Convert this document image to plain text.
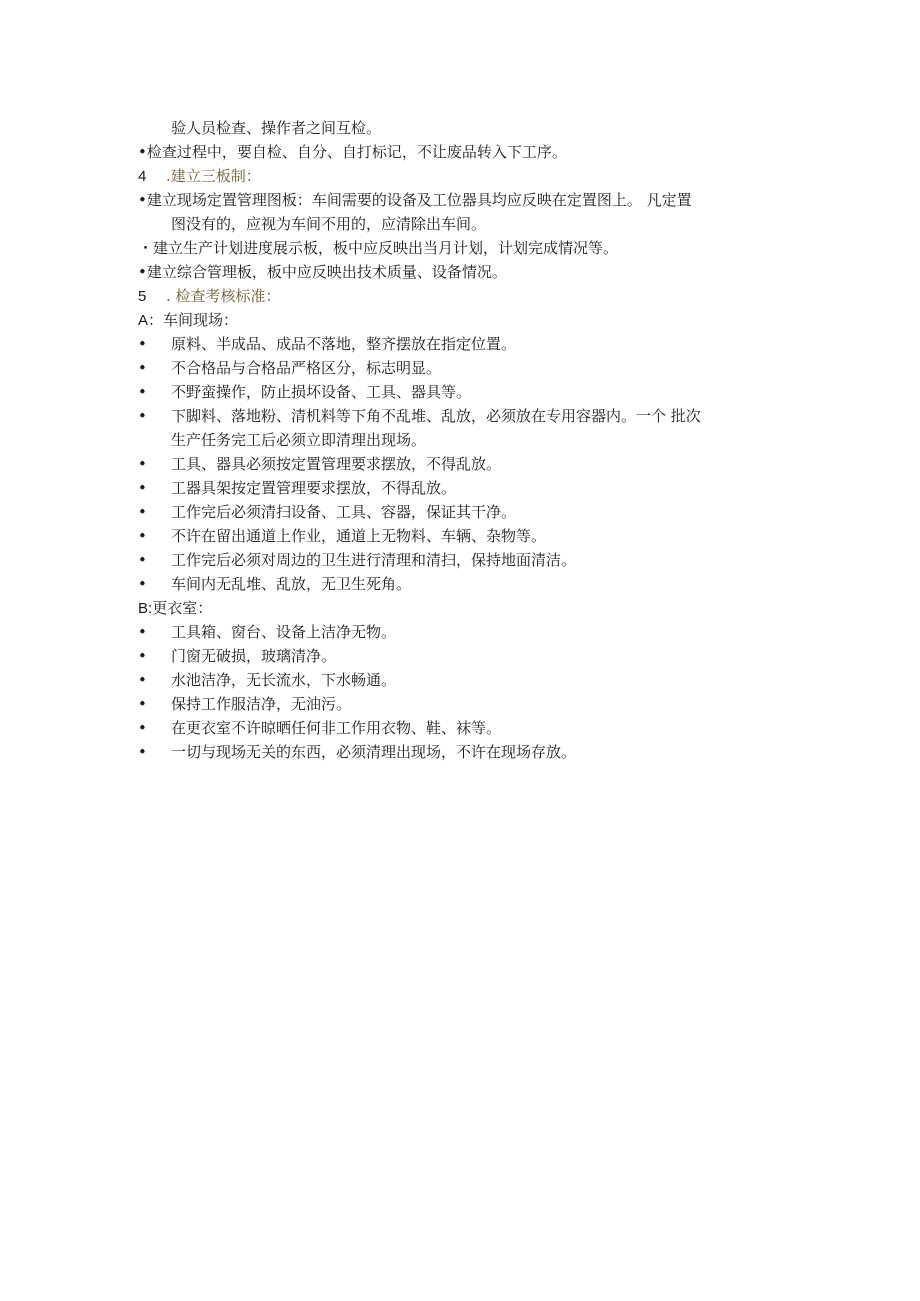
验人员检查、操作者之间互检。
•检查过程中，要自检、自分、自打标记，不让废品转入下工序。
4 .建立三板制：
•建立现场定置管理图板：车间需要的设备及工位器具均应反映在定置图上。 凡定置
图没有的，应视为车间不用的，应清除出车间。
・建立生产计划进度展示板，板中应反映出当月计划，计划完成情况等。
•建立综合管理板，板中应反映出技术质量、设备情况。
5 . 检查考核标准：
A：车间现场：
• 原料、半成品、成品不落地，整齐摆放在指定位置。
• 不合格品与合格品严格区分，标志明显。
• 不野蛮操作，防止损坏设备、工具、器具等。
• 下脚料、落地粉、清机料等下角不乱堆、乱放，必须放在专用容器内。一个 批次
生产任务完工后必须立即清理出现场。
• 工具、器具必须按定置管理要求摆放，不得乱放。
• 工器具架按定置管理要求摆放，不得乱放。
• 工作完后必须清扫设备、工具、容器，保证其干净。
• 不许在留出通道上作业，通道上无物料、车辆、杂物等。
• 工作完后必须对周边的卫生进行清理和清扫，保持地面清洁。
• 车间内无乱堆、乱放，无卫生死角。
B:更衣室：
• 工具箱、窗台、设备上洁净无物。
• 门窗无破损，玻璃清净。
• 水池洁净，无长流水，下水畅通。
• 保持工作服洁净，无油污。
• 在更衣室不许晾晒任何非工作用衣物、鞋、袜等。
• 一切与现场无关的东西，必须清理出现场，不许在现场存放。
